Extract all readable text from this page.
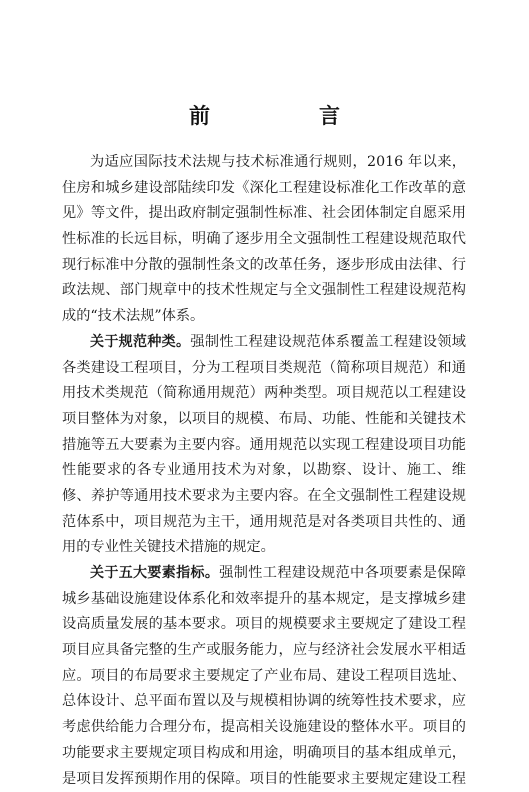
前　言
为适应国际技术法规与技术标准通行规则，2016 年以来，
住房和城乡建设部陆续印发《深化工程建设标准化工作改革的意
见》等文件，提出政府制定强制性标准、社会团体制定自愿采用
性标准的长远目标，明确了逐步用全文强制性工程建设规范取代
现行标准中分散的强制性条文的改革任务，逐步形成由法律、行
政法规、部门规章中的技术性规定与全文强制性工程建设规范构
成的“技术法规”体系。
关于规范种类。强制性工程建设规范体系覆盖工程建设领域
各类建设工程项目，分为工程项目类规范（简称项目规范）和通
用技术类规范（简称通用规范）两种类型。项目规范以工程建设
项目整体为对象，以项目的规模、布局、功能、性能和关键技术
措施等五大要素为主要内容。通用规范以实现工程建设项目功能
性能要求的各专业通用技术为对象，以勘察、设计、施工、维
修、养护等通用技术要求为主要内容。在全文强制性工程建设规
范体系中，项目规范为主干，通用规范是对各类项目共性的、通
用的专业性关键技术措施的规定。
关于五大要素指标。强制性工程建设规范中各项要素是保障
城乡基础设施建设体系化和效率提升的基本规定，是支撑城乡建
设高质量发展的基本要求。项目的规模要求主要规定了建设工程
项目应具备完整的生产或服务能力，应与经济社会发展水平相适
应。项目的布局要求主要规定了产业布局、建设工程项目选址、
总体设计、总平面布置以及与规模相协调的统筹性技术要求，应
考虑供给能力合理分布，提高相关设施建设的整体水平。项目的
功能要求主要规定项目构成和用途，明确项目的基本组成单元，
是项目发挥预期作用的保障。项目的性能要求主要规定建设工程
